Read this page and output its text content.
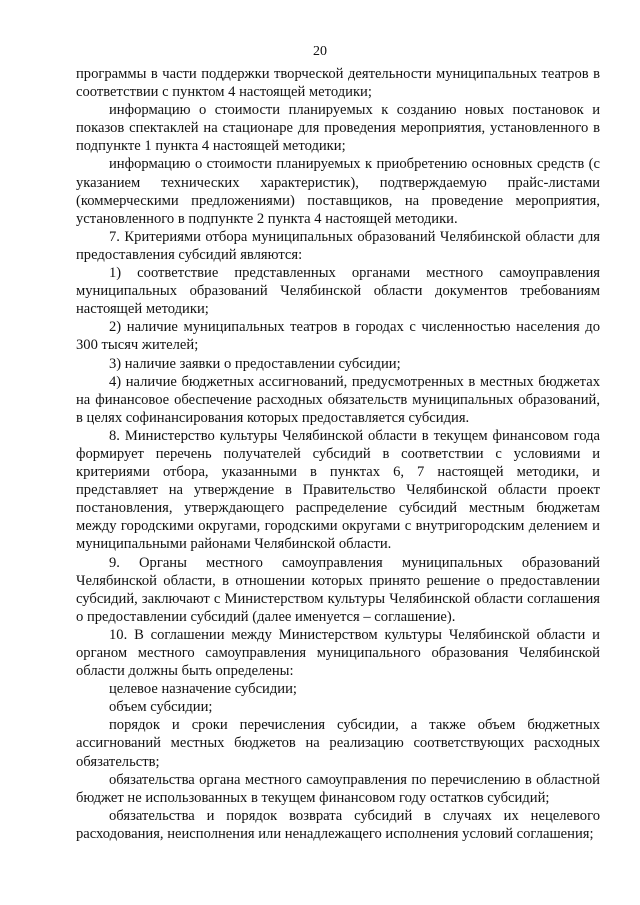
20

программы в части поддержки творческой деятельности муниципальных театров в соответствии с пунктом 4 настоящей методики;

информацию о стоимости планируемых к созданию новых постановок и показов спектаклей на стационаре для проведения мероприятия, установленного в подпункте 1 пункта 4 настоящей методики;

информацию о стоимости планируемых к приобретению основных средств (с указанием технических характеристик), подтверждаемую прайс-листами (коммерческими предложениями) поставщиков, на проведение мероприятия, установленного в подпункте 2 пункта 4 настоящей методики.

7. Критериями отбора муниципальных образований Челябинской области для предоставления субсидий являются:

1) соответствие представленных органами местного самоуправления муниципальных образований Челябинской области документов требованиям настоящей методики;

2) наличие муниципальных театров в городах с численностью населения до 300 тысяч жителей;

3) наличие заявки о предоставлении субсидии;

4) наличие бюджетных ассигнований, предусмотренных в местных бюджетах на финансовое обеспечение расходных обязательств муниципальных образований, в целях софинансирования которых предоставляется субсидия.

8. Министерство культуры Челябинской области в текущем финансовом года формирует перечень получателей субсидий в соответствии с условиями и критериями отбора, указанными в пунктах 6, 7 настоящей методики, и представляет на утверждение в Правительство Челябинской области проект постановления, утверждающего распределение субсидий местным бюджетам между городскими округами, городскими округами с внутригородским делением и муниципальными районами Челябинской области.

9. Органы местного самоуправления муниципальных образований Челябинской области, в отношении которых принято решение о предоставлении субсидий, заключают с Министерством культуры Челябинской области соглашения о предоставлении субсидий (далее именуется – соглашение).

10. В соглашении между Министерством культуры Челябинской области и органом местного самоуправления муниципального образования Челябинской области должны быть определены:

целевое назначение субсидии;

объем субсидии;

порядок и сроки перечисления субсидии, а также объем бюджетных ассигнований местных бюджетов на реализацию соответствующих расходных обязательств;

обязательства органа местного самоуправления по перечислению в областной бюджет не использованных в текущем финансовом году остатков субсидий;

обязательства и порядок возврата субсидий в случаях их нецелевого расходования, неисполнения или ненадлежащего исполнения условий соглашения;
